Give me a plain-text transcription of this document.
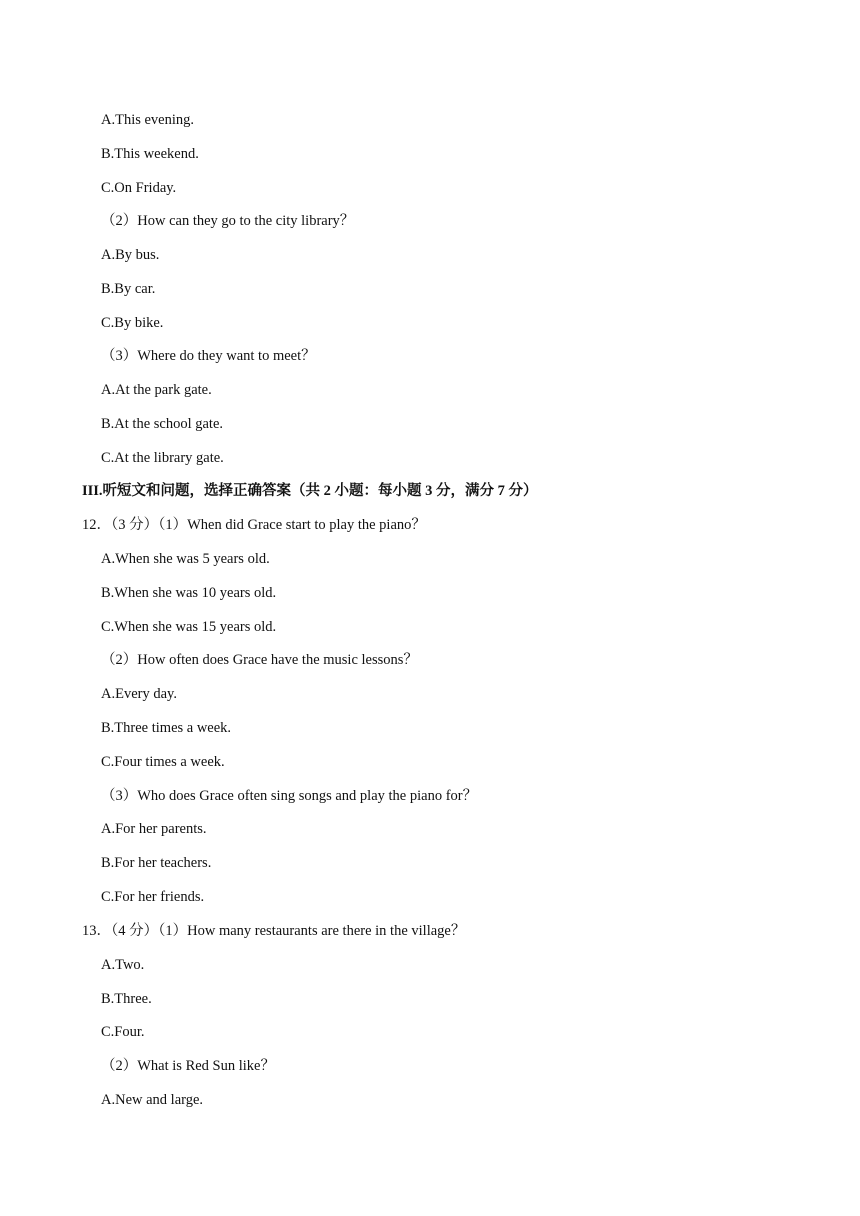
A.This evening.
B.This weekend.
C.On Friday.
（2）How can they go to the city library？
A.By bus.
B.By car.
C.By bike.
（3）Where do they want to meet？
A.At the park gate.
B.At the school gate.
C.At the library gate.
III.听短文和问题，选择正确答案（共 2 小题：每小题 3 分，满分 7 分）
12．（3 分）（1）When did Grace start to play the piano？
A.When she was 5 years old.
B.When she was 10 years old.
C.When she was 15 years old.
（2）How often does Grace have the music lessons？
A.Every day.
B.Three times a week.
C.Four times a week.
（3）Who does Grace often sing songs and play the piano for？
A.For her parents.
B.For her teachers.
C.For her friends.
13．（4 分）（1）How many restaurants are there in the village？
A.Two.
B.Three.
C.Four.
（2）What is Red Sun like？
A.New and large.
